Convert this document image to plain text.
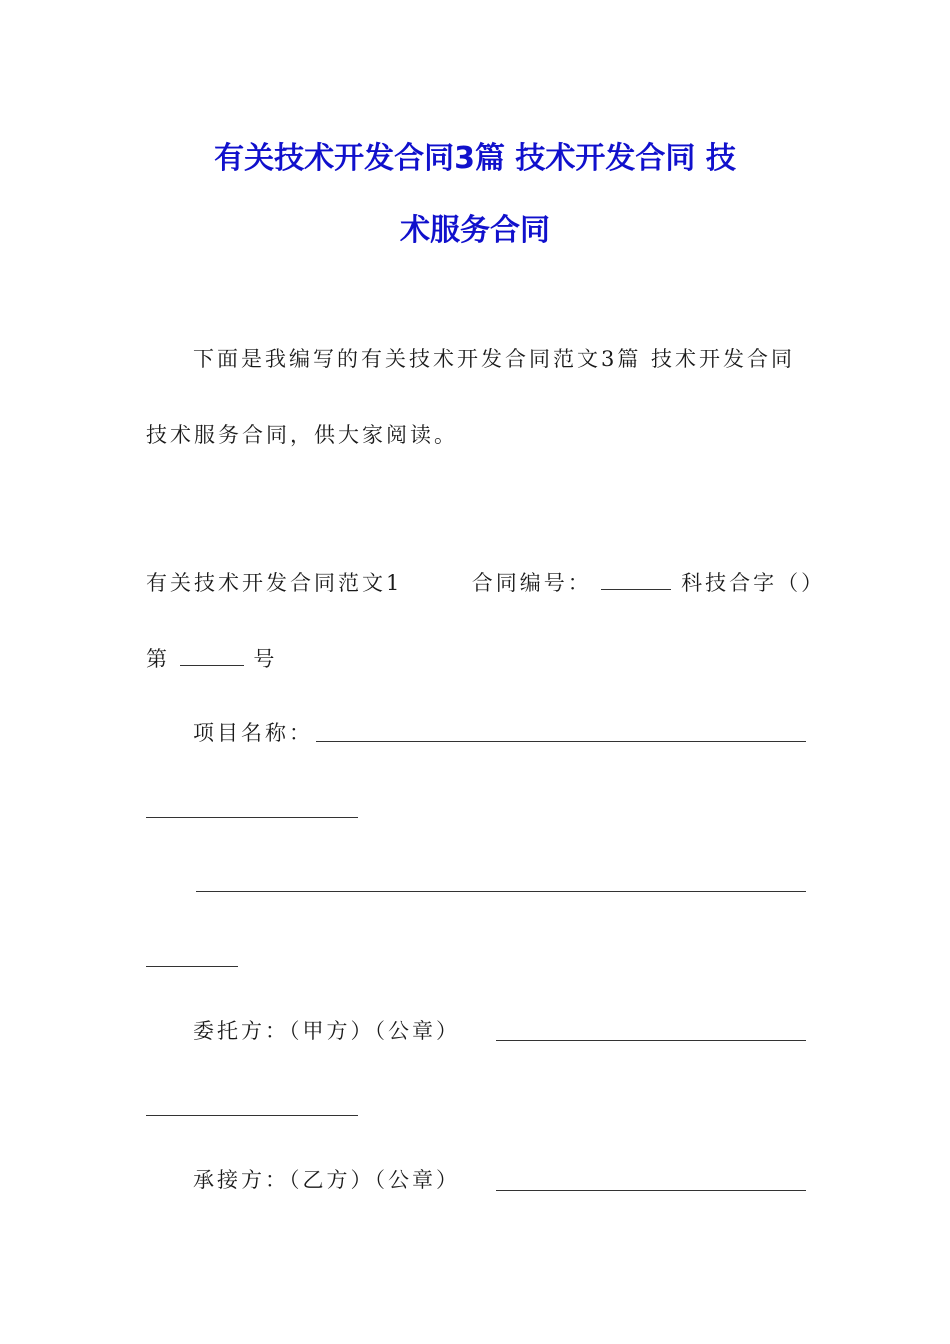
有关技术开发合同3篇 技术开发合同 技
术服务合同
下面是我编写的有关技术开发合同范文3篇 技术开发合同
技术服务合同，供大家阅读。
有关技术开发合同范文1	合同编号：	科技合字（）
第	号
项目名称：
委托方：（甲方）（公章）
承接方：（乙方）（公章）
